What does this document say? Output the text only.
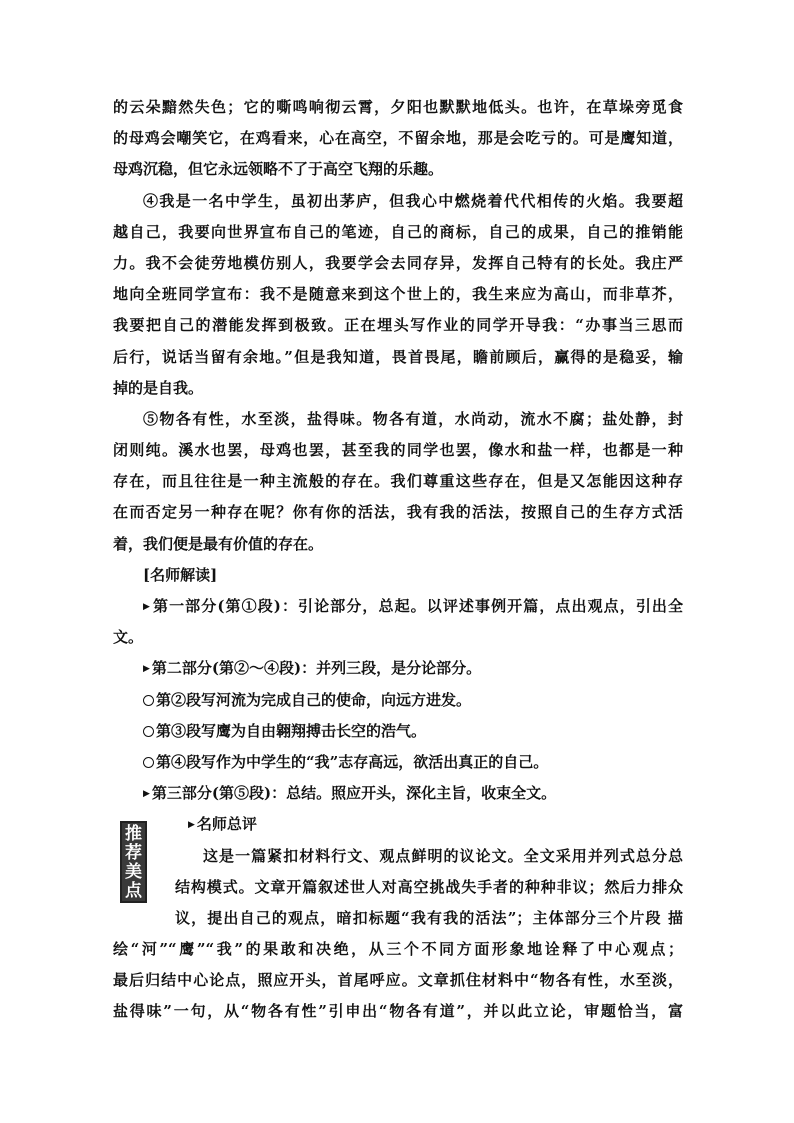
的云朵黯然失色；它的嘶鸣响彻云霄，夕阳也默默地低头。也许，在草垛旁觅食
的母鸡会嘲笑它，在鸡看来，心在高空，不留余地，那是会吃亏的。可是鹰知道，
母鸡沉稳，但它永远领略不了于高空飞翔的乐趣。
④我是一名中学生，虽初出茅庐，但我心中燃烧着代代相传的火焰。我要超
越自己，我要向世界宣布自己的笔迹，自己的商标，自己的成果，自己的推销能
力。我不会徒劳地模仿别人，我要学会去同存异，发挥自己特有的长处。我庄严
地向全班同学宣布：我不是随意来到这个世上的，我生来应为高山，而非草芥，
我要把自己的潜能发挥到极致。正在埋头写作业的同学开导我：“办事当三思而
后行，说话当留有余地。”但是我知道，畏首畏尾，瞻前顾后，赢得的是稳妥，输
掉的是自我。
⑤物各有性，水至淡，盐得味。物各有道，水尚动，流水不腐；盐处静，封
闭则纯。溪水也罢，母鸡也罢，甚至我的同学也罢，像水和盐一样，也都是一种
存在，而且往往是一种主流般的存在。我们尊重这些存在，但是又怎能因这种存
在而否定另一种存在呢？你有你的活法，我有我的活法，按照自己的生存方式活
着，我们便是最有价值的存在。
[名师解读]
▶ 第一部分(第①段)：引论部分，总起。以评述事例开篇，点出观点，引出全
文。
▶ 第二部分(第②～④段)：并列三段，是分论部分。
第②段写河流为完成自己的使命，向远方进发。
第③段写鹰为自由翱翔搏击长空的浩气。
第④段写作为中学生的“我”志存高远，欲活出真正的自己。
▶ 第三部分(第⑤段)：总结。照应开头，深化主旨，收束全文。
▶ 名师总评
这是一篇紧扣材料行文、观点鲜明的议论文。全文采用并列式总分总
结构模式。文章开篇叙述世人对高空挑战失手者的种种非议；然后力排众
议，提出自己的观点，暗扣标题“我有我的活法”；主体部分三个片段 描
绘“河”“鹰”“我”的果敢和决绝，从三个不同方面形象地诠释了中心观点；
最后归结中心论点，照应开头，首尾呼应。文章抓住材料中“物各有性，水至淡，
盐得味”一句，从“物各有性”引申出“物各有道”，并以此立论，审题恰当，富
推
荐
美
点
